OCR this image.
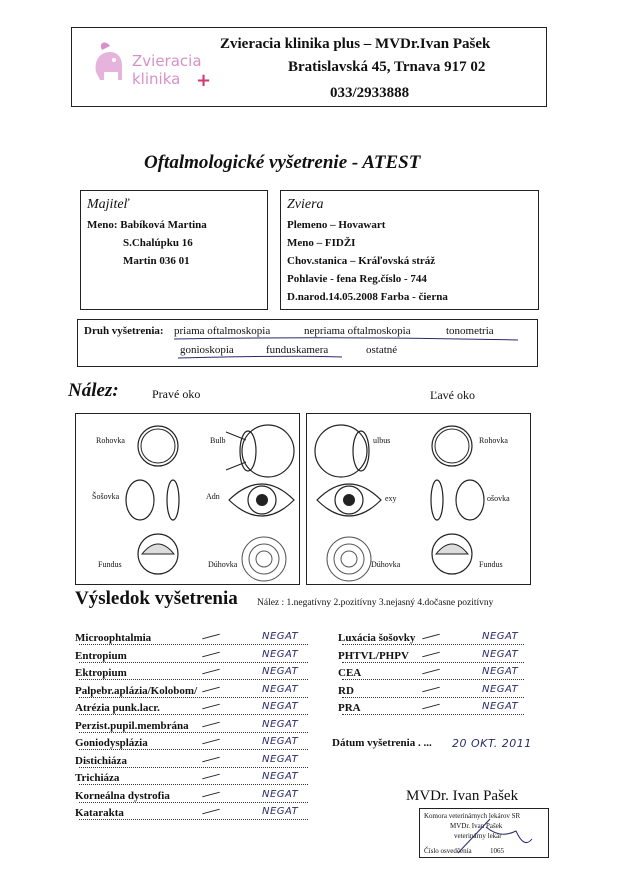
Zvieracia
klinika +
Zvieracia klinika plus – MVDr.Ivan Pašek
Bratislavská 45, Trnava 917 02
033/2933888
Oftalmologické vyšetrenie - ATEST
Majiteľ
Meno: Babíková Martina
S.Chalúpku 16
Martin 036 01
Zviera
Plemeno – Hovawart
Meno – FIDŽI
Chov.stanica – Kráľovská stráž
Pohlavie - fena Reg.číslo - 744
D.narod.14.05.2008 Farba - čierna
Druh vyšetrenia: priama oftalmoskopia	nepriama oftalmoskopia	tonometria
gonioskopia	funduskamera	ostatné
Nález:	Pravé oko	Ľavé oko
Rohovka	Bulb
Šošovka	Adn
Fundus	Dúhovka
ulbus	Rohovka
exy	ošovka
Dúhovka	Fundus
Výsledok vyšetrenia Nález : 1.negatívny 2.pozitívny 3.nejasný 4.dočasne pozitívny
Microophtalmia	NEGAT
Entropium	NEGAT
Ektropium	NEGAT
Palpebr.aplázia/Kolobom/	NEGAT
Atrézia punk.lacr.	NEGAT
Perzist.pupil.membrána	NEGAT
Goniodysplázia	NEGAT
Distichiáza	NEGAT
Trichiáza	NEGAT
Korneálna dystrofia	NEGAT
Katarakta	NEGAT
Luxácia šošovky	NEGAT
PHTVL/PHPV	NEGAT
CEA	NEGAT
RD	NEGAT
PRA	NEGAT
Dátum vyšetrenia . ... 20 OKT. 2011
MVDr. Ivan Pašek
Komora veterinárnych lekárov SR
MVDr. Ivan Pašek
veterinárny lekár
Číslo osvedčenia	1065
